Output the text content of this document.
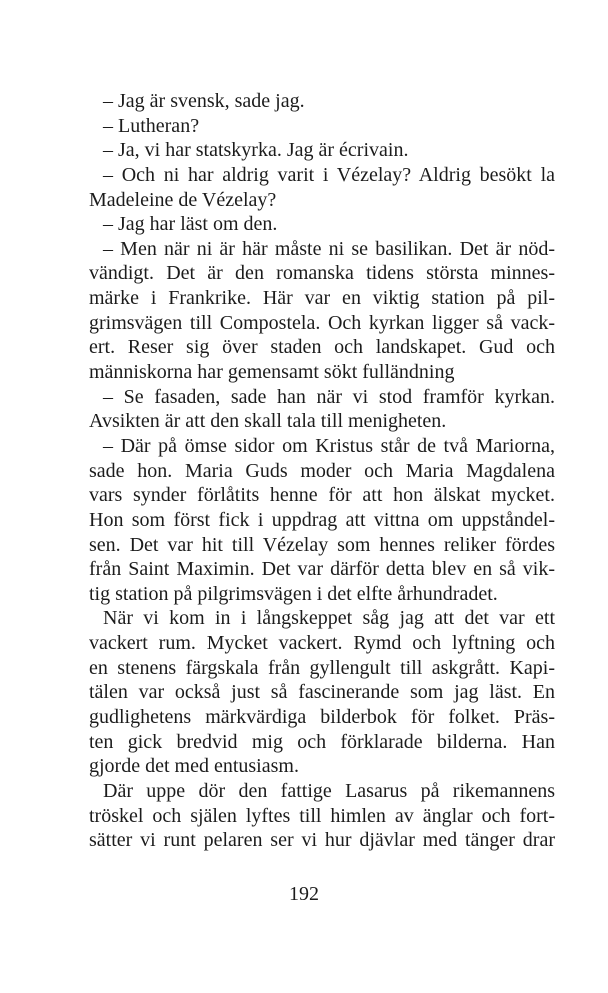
– Jag är svensk, sade jag.
– Lutheran?
– Ja, vi har statskyrka. Jag är écrivain.
– Och ni har aldrig varit i Vézelay? Aldrig besökt la
Madeleine de Vézelay?
– Jag har läst om den.
– Men när ni är här måste ni se basilikan. Det är nöd-
vändigt. Det är den romanska tidens största minnes-
märke i Frankrike. Här var en viktig station på pil-
grimsvägen till Compostela. Och kyrkan ligger så vack-
ert. Reser sig över staden och landskapet. Gud och
människorna har gemensamt sökt fulländning
– Se fasaden, sade han när vi stod framför kyrkan.
Avsikten är att den skall tala till menigheten.
– Där på ömse sidor om Kristus står de två Mariorna,
sade hon. Maria Guds moder och Maria Magdalena
vars synder förlåtits henne för att hon älskat mycket.
Hon som först fick i uppdrag att vittna om uppståndel-
sen. Det var hit till Vézelay som hennes reliker fördes
från Saint Maximin. Det var därför detta blev en så vik-
tig station på pilgrimsvägen i det elfte århundradet.
När vi kom in i långskeppet såg jag att det var ett
vackert rum. Mycket vackert. Rymd och lyftning och
en stenens färgskala från gyllengult till askgrått. Kapi-
tälen var också just så fascinerande som jag läst. En
gudlighetens märkvärdiga bilderbok för folket. Präs-
ten gick bredvid mig och förklarade bilderna. Han
gjorde det med entusiasm.
Där uppe dör den fattige Lasarus på rikemannens
tröskel och själen lyftes till himlen av änglar och fort-
sätter vi runt pelaren ser vi hur djävlar med tänger drar
192
